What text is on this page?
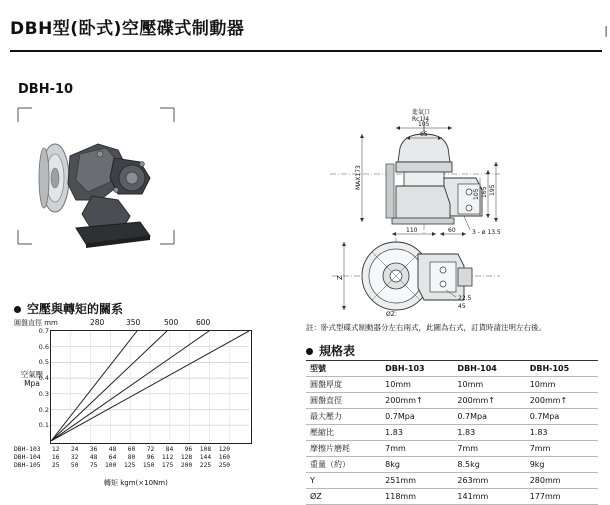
DBH型(卧式)空壓碟式制動器	|
DBH-10
空壓與轉矩的關系
圓盤直徑 mm	280	350	500 600
空氣壓
Mpa
0.7
0.6
0.5
0.4
0.3
0.2
0.1
DBH-103   12   24   36   48   60   72   84   96  108  120
DBH-104   16   32   48   64   80   96  112  128  144  160
DBH-105   25   50   75  100  125  150  175  200  225  250
轉矩 kgm(×10Nm)
進氣口
Rc1/4
105
65
MAX173
195
165
105
110	60	3 - ø 13.5
Z
22.5
45
ØZ
註：卧式型碟式制動器分左右兩式，此圖為右式，訂貨時請注明左右後。
規格表
型號	DBH-103	DBH-104	DBH-105
圓盤厚度	10mm	10mm	10mm
圓盤直徑	200mm↑	200mm↑	200mm↑
最大壓力	0.7Mpa	0.7Mpa	0.7Mpa
壓縮比	1.83	1.83	1.83
摩擦片磨耗	7mm	7mm	7mm
重量（約）	8kg	8.5kg	9kg
Y	251mm	263mm	280mm
ØZ	118mm	141mm	177mm
